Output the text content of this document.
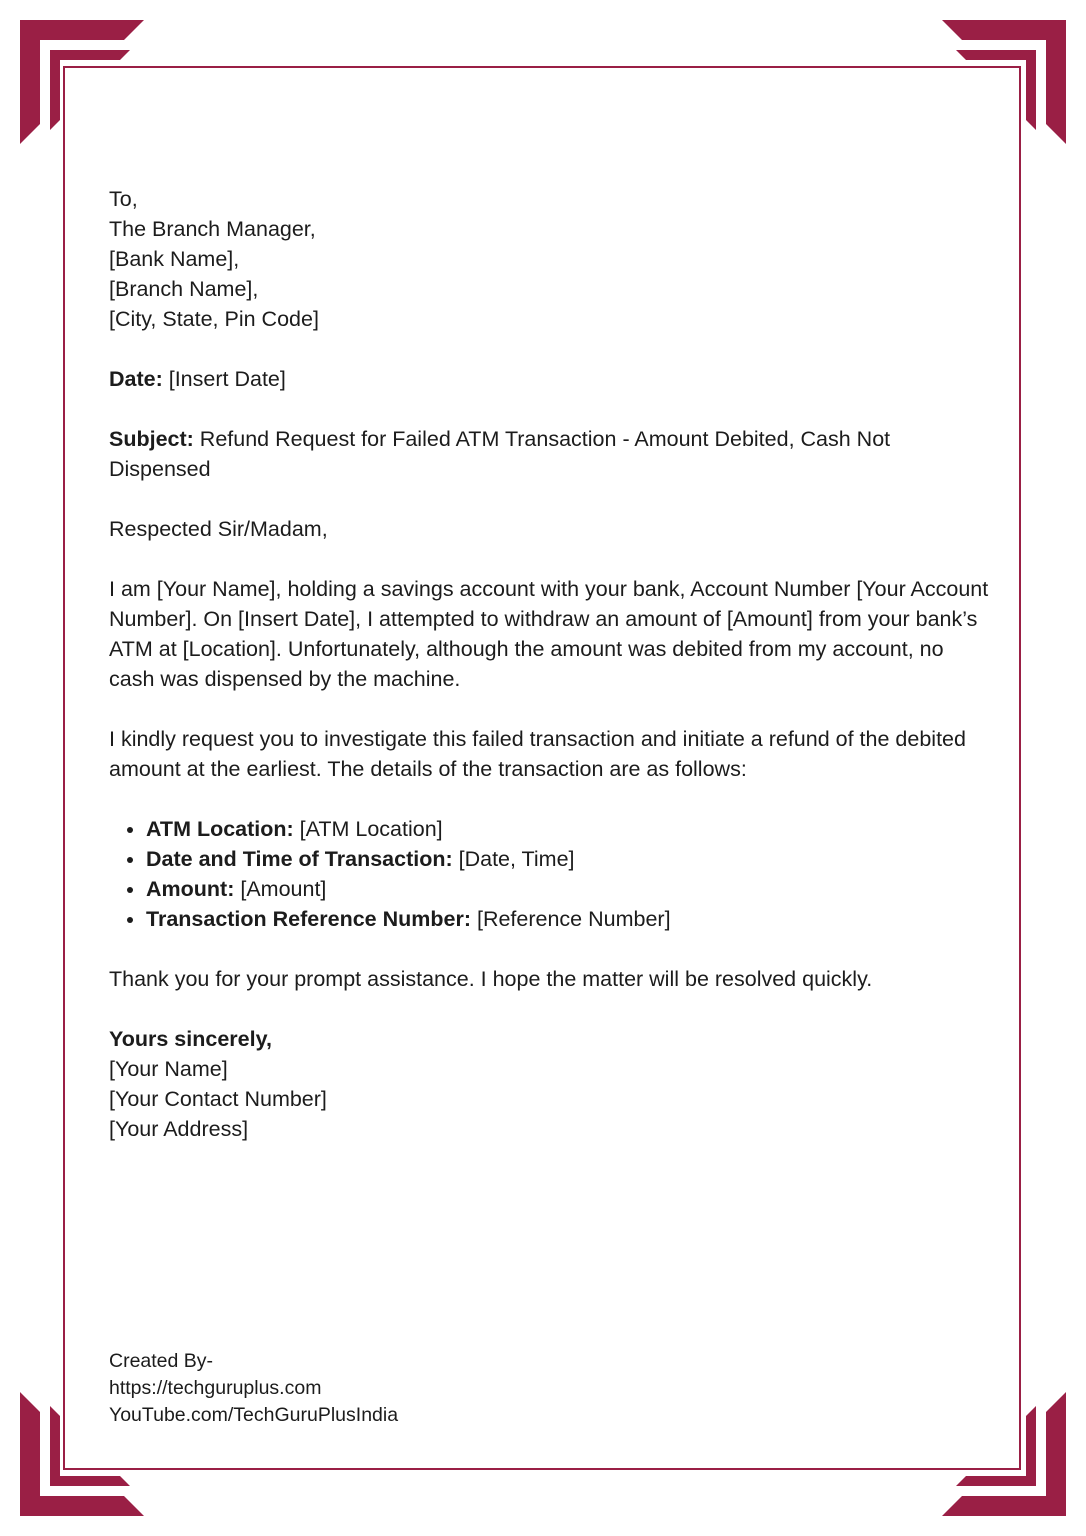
To,
The Branch Manager,
[Bank Name],
[Branch Name],
[City, State, Pin Code]
Date: [Insert Date]

Subject: Refund Request for Failed ATM Transaction - Amount Debited, Cash Not Dispensed

Respected Sir/Madam,

I am [Your Name], holding a savings account with your bank, Account Number [Your Account Number]. On [Insert Date], I attempted to withdraw an amount of [Amount] from your bank’s ATM at [Location]. Unfortunately, although the amount was debited from my account, no cash was dispensed by the machine.

I kindly request you to investigate this failed transaction and initiate a refund of the debited amount at the earliest. The details of the transaction are as follows:

• ATM Location: [ATM Location]
• Date and Time of Transaction: [Date, Time]
• Amount: [Amount]
• Transaction Reference Number: [Reference Number]

Thank you for your prompt assistance. I hope the matter will be resolved quickly.

Yours sincerely,
[Your Name]
[Your Contact Number]
[Your Address]
Created By-
https://techguruplus.com
YouTube.com/TechGuruPlusIndia
